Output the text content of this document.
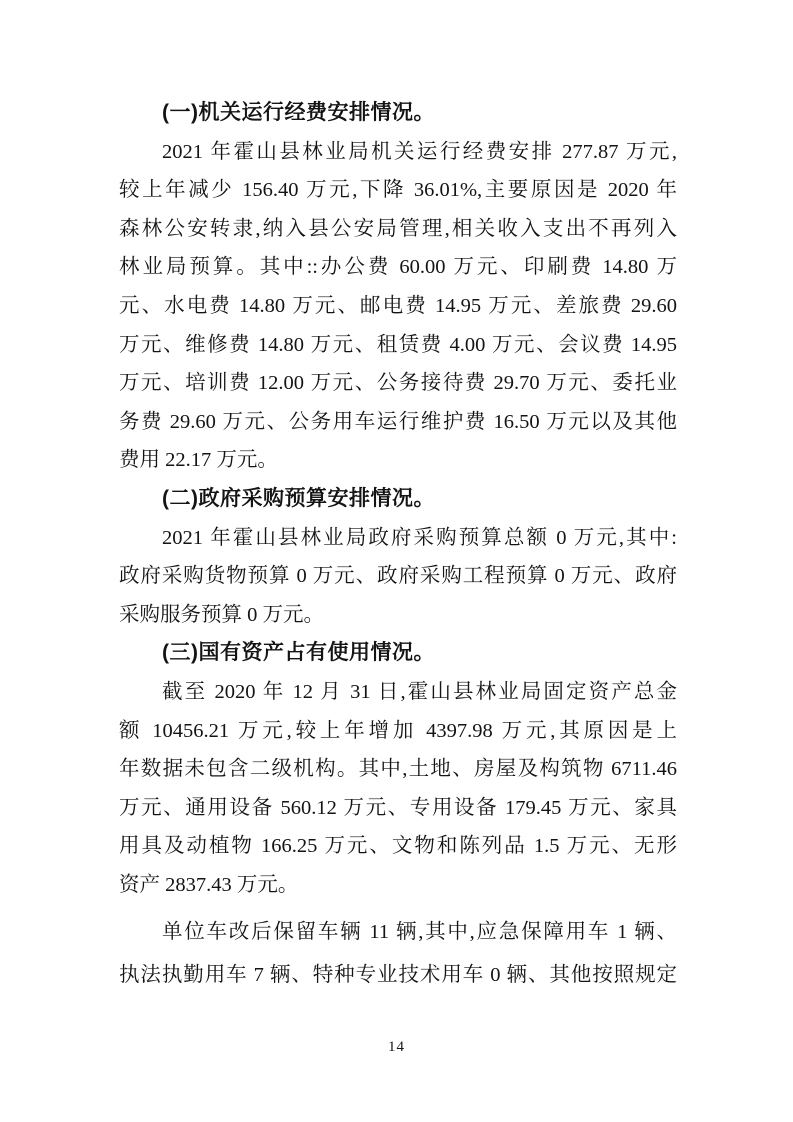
(一)机关运行经费安排情况。
2021 年霍山县林业局机关运行经费安排 277.87 万元,
较上年减少 156.40 万元,下降 36.01%,主要原因是 2020 年
森林公安转隶,纳入县公安局管理,相关收入支出不再列入
林业局预算。其中::办公费 60.00 万元、印刷费 14.80 万
元、水电费 14.80 万元、邮电费 14.95 万元、差旅费 29.60
万元、维修费 14.80 万元、租赁费 4.00 万元、会议费 14.95
万元、培训费 12.00 万元、公务接待费 29.70 万元、委托业
务费 29.60 万元、公务用车运行维护费 16.50 万元以及其他
费用 22.17 万元。
(二)政府采购预算安排情况。
2021 年霍山县林业局政府采购预算总额 0 万元,其中:
政府采购货物预算 0 万元、政府采购工程预算 0 万元、政府
采购服务预算 0 万元。
(三)国有资产占有使用情况。
截至 2020 年 12 月 31 日,霍山县林业局固定资产总金
额 10456.21 万元,较上年增加 4397.98 万元,其原因是上
年数据未包含二级机构。其中,土地、房屋及构筑物 6711.46
万元、通用设备 560.12 万元、专用设备 179.45 万元、家具
用具及动植物 166.25 万元、文物和陈列品 1.5 万元、无形
资产 2837.43 万元。
单位车改后保留车辆 11 辆,其中,应急保障用车 1 辆、
执法执勤用车 7 辆、特种专业技术用车 0 辆、其他按照规定
14
